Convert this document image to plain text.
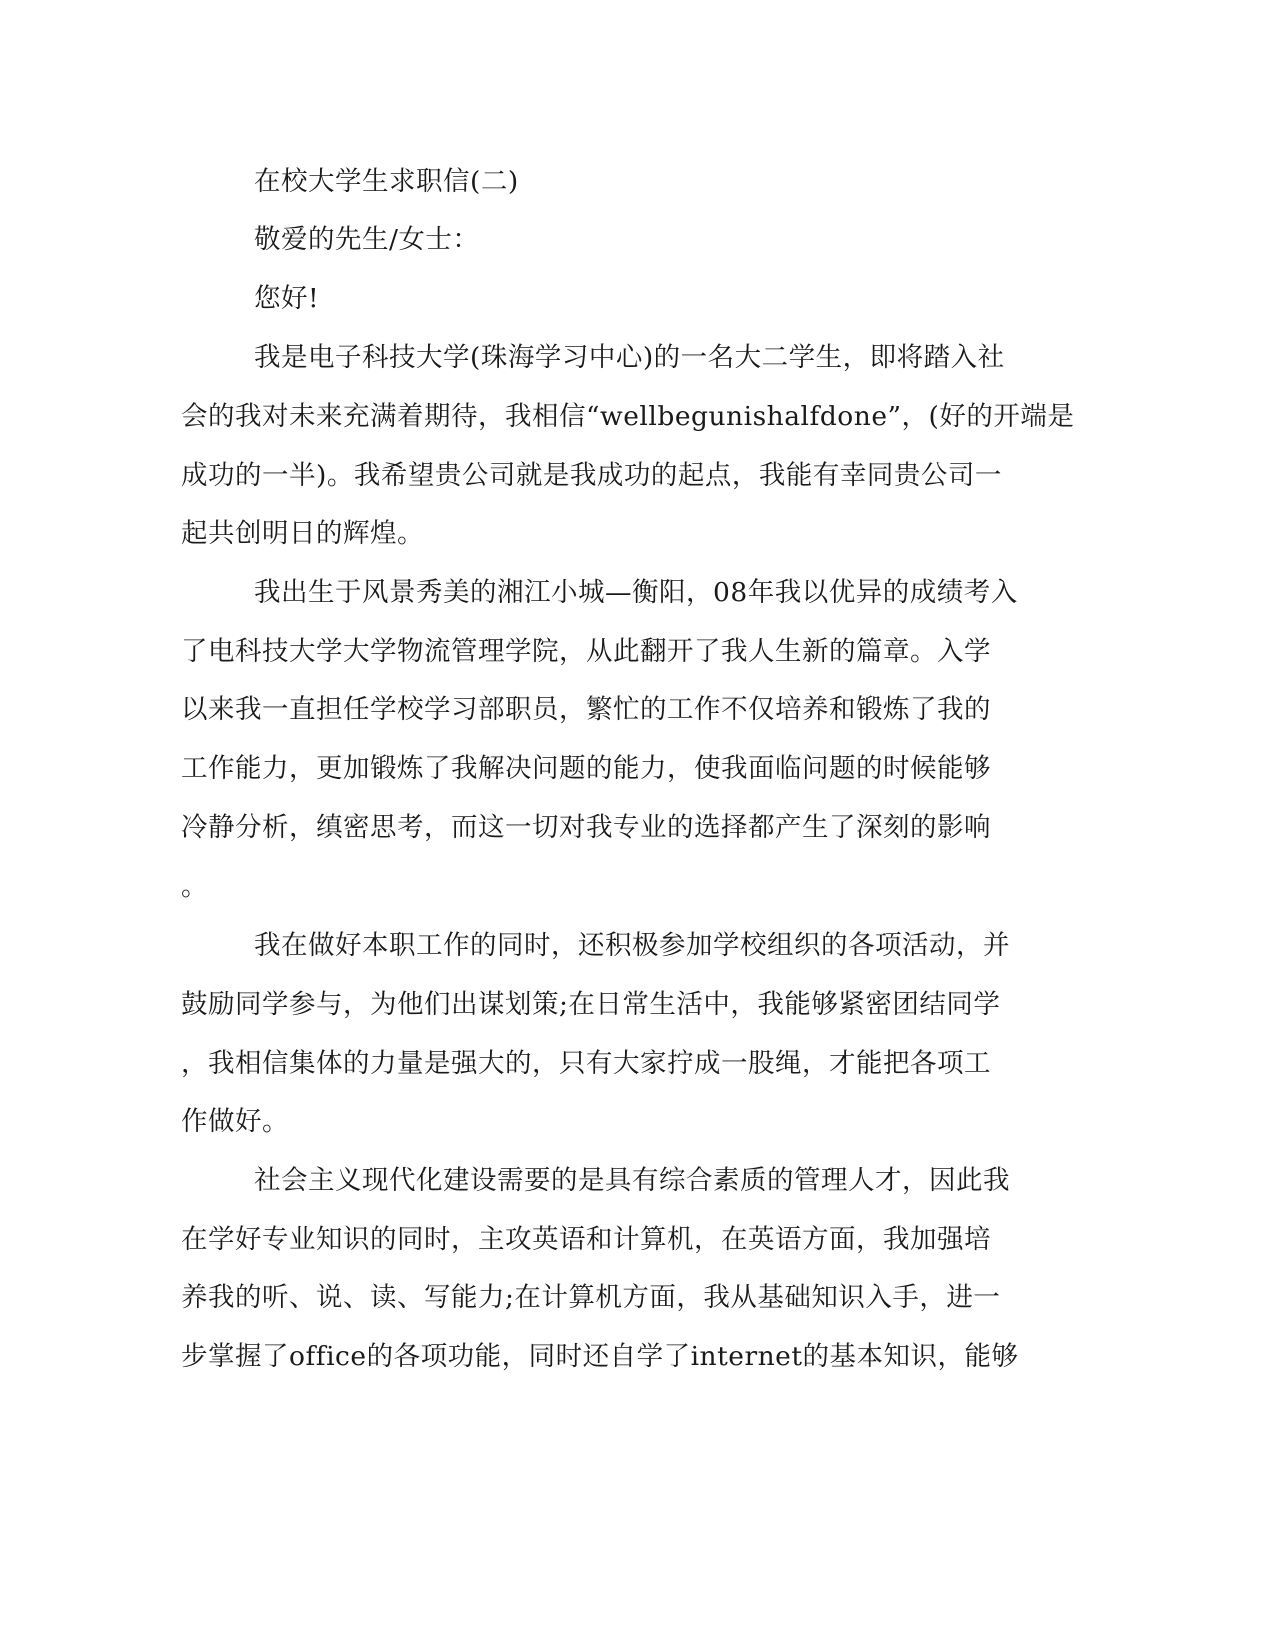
在校大学生求职信(二)
敬爱的先生/女士：
您好!
我是电子科技大学(珠海学习中心)的一名大二学生，即将踏入社
会的我对未来充满着期待，我相信“wellbegunishalfdone”，(好的开端是
成功的一半)。我希望贵公司就是我成功的起点，我能有幸同贵公司一
起共创明日的辉煌。
我出生于风景秀美的湘江小城—衡阳，08年我以优异的成绩考入
了电科技大学大学物流管理学院，从此翻开了我人生新的篇章。入学
以来我一直担任学校学习部职员，繁忙的工作不仅培养和锻炼了我的
工作能力，更加锻炼了我解决问题的能力，使我面临问题的时候能够
冷静分析，缜密思考，而这一切对我专业的选择都产生了深刻的影响
。
我在做好本职工作的同时，还积极参加学校组织的各项活动，并
鼓励同学参与，为他们出谋划策;在日常生活中，我能够紧密团结同学
，我相信集体的力量是强大的，只有大家拧成一股绳，才能把各项工
作做好。
社会主义现代化建设需要的是具有综合素质的管理人才，因此我
在学好专业知识的同时，主攻英语和计算机，在英语方面，我加强培
养我的听、说、读、写能力;在计算机方面，我从基础知识入手，进一
步掌握了office的各项功能，同时还自学了internet的基本知识，能够
